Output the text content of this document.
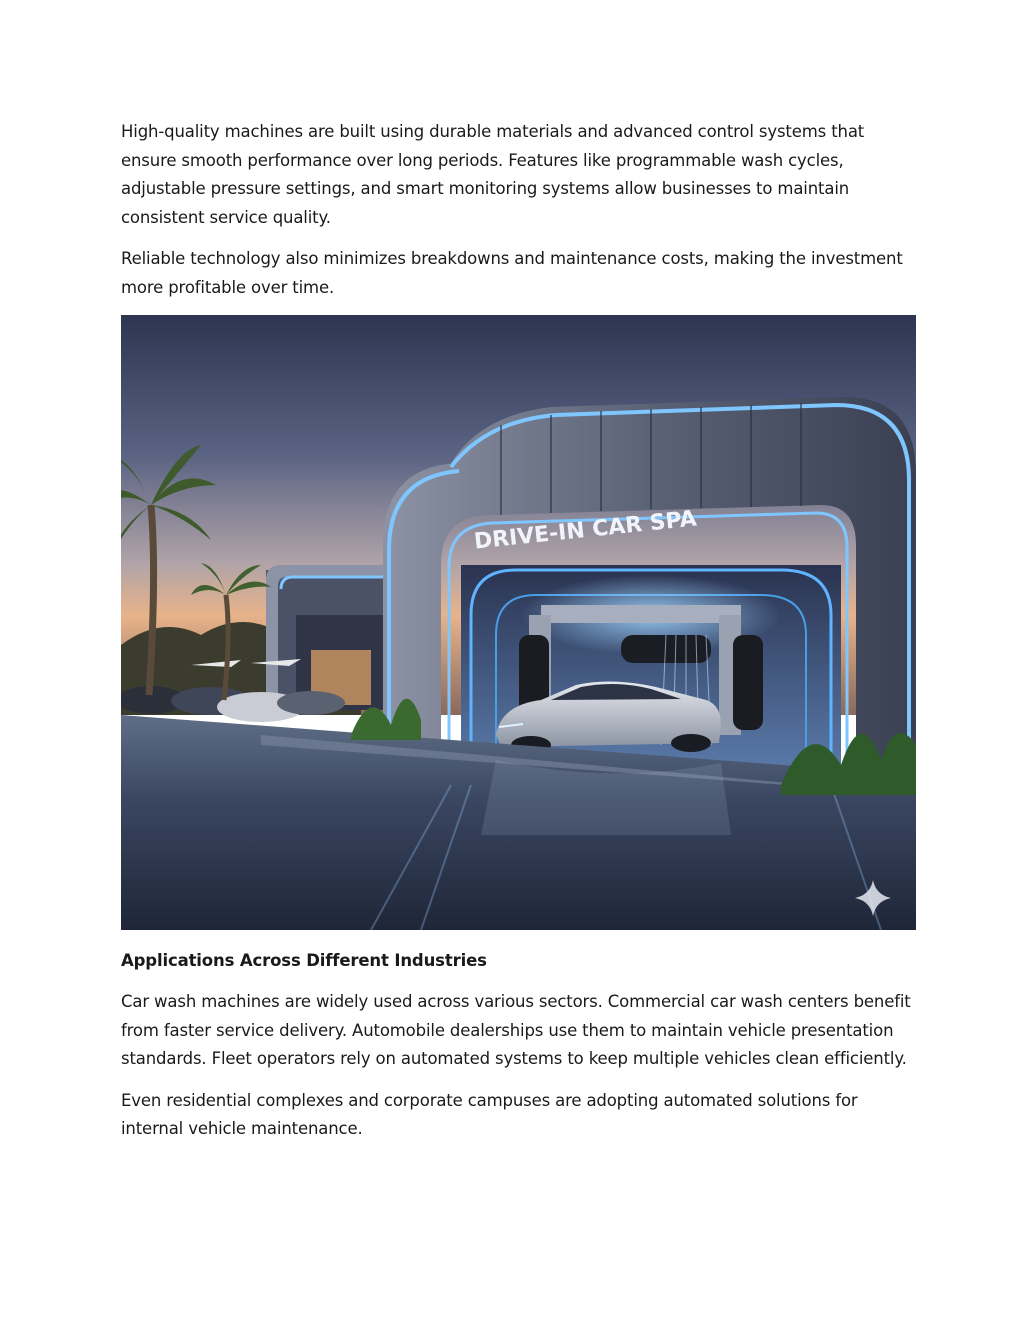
High-quality machines are built using durable materials and advanced control systems that ensure smooth performance over long periods. Features like programmable wash cycles, adjustable pressure settings, and smart monitoring systems allow businesses to maintain consistent service quality.

Reliable technology also minimizes breakdowns and maintenance costs, making the investment more profitable over time.

DRIVE-IN CAR SPA
Applications Across Different Industries

Car wash machines are widely used across various sectors. Commercial car wash centers benefit from faster service delivery. Automobile dealerships use them to maintain vehicle presentation standards. Fleet operators rely on automated systems to keep multiple vehicles clean efficiently.

Even residential complexes and corporate campuses are adopting automated solutions for internal vehicle maintenance.
